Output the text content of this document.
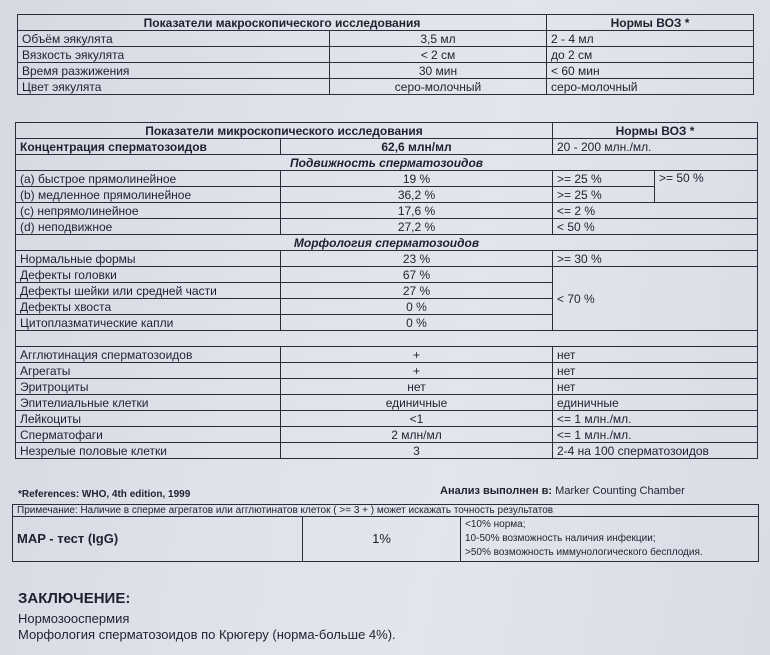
Показатели макроскопического исследования		Нормы ВОЗ *
Объём эякулята	3,5 мл	2 - 4 мл
Вязкость эякулята	< 2 см	до 2 см
Время разжижения	30 мин	< 60 мин
Цвет эякулята	серо-молочный	серо-молочный
Показатели микроскопического исследования		Нормы ВОЗ *	
Концентрация сперматозоидов	62,6 млн/мл	20 - 200 млн./мл.	
Подвижность сперматозоидов			
(a) быстрое прямолинейное	19 %	>= 25 %	>= 50 %
(b) медленное прямолинейное	36,2 %	>= 25 %	
(c) непрямолинейное	17,6 %	<= 2 %	
(d) неподвижное	27,2 %	< 50 %	
Морфология сперматозоидов			
Нормальные формы	23 %	>= 30 %	
Дефекты головки	67 %	< 70 %	
Дефекты шейки или средней части	27 %		
Дефекты хвоста	0 %		
Цитоплазматические капли	0 %		

Агглютинация сперматозоидов	+	нет	
Агрегаты	+	нет	
Эритроциты	нет	нет	
Эпителиальные клетки	единичные	единичные	
Лейкоциты	<1	<= 1 млн./мл.	
Сперматофаги	2 млн/мл	<= 1 млн./мл.	
Незрелые половые клетки	3	2-4 на 100 сперматозоидов	
*References: WHO, 4th edition, 1999	Анализ выполнен в: Marker Counting Chamber
Примечание: Наличие в сперме агрегатов или агглютинатов клеток ( >= 3 + ) может искажать точность результатов
MAP - тест (IgG)	1%	
<10% норма;
10-50% возможность наличия инфекции;
>50% возможность иммунологического бесплодия.
ЗАКЛЮЧЕНИЕ:
Нормозооспермия
Морфология сперматозоидов по Крюгеру (норма-больше 4%).
